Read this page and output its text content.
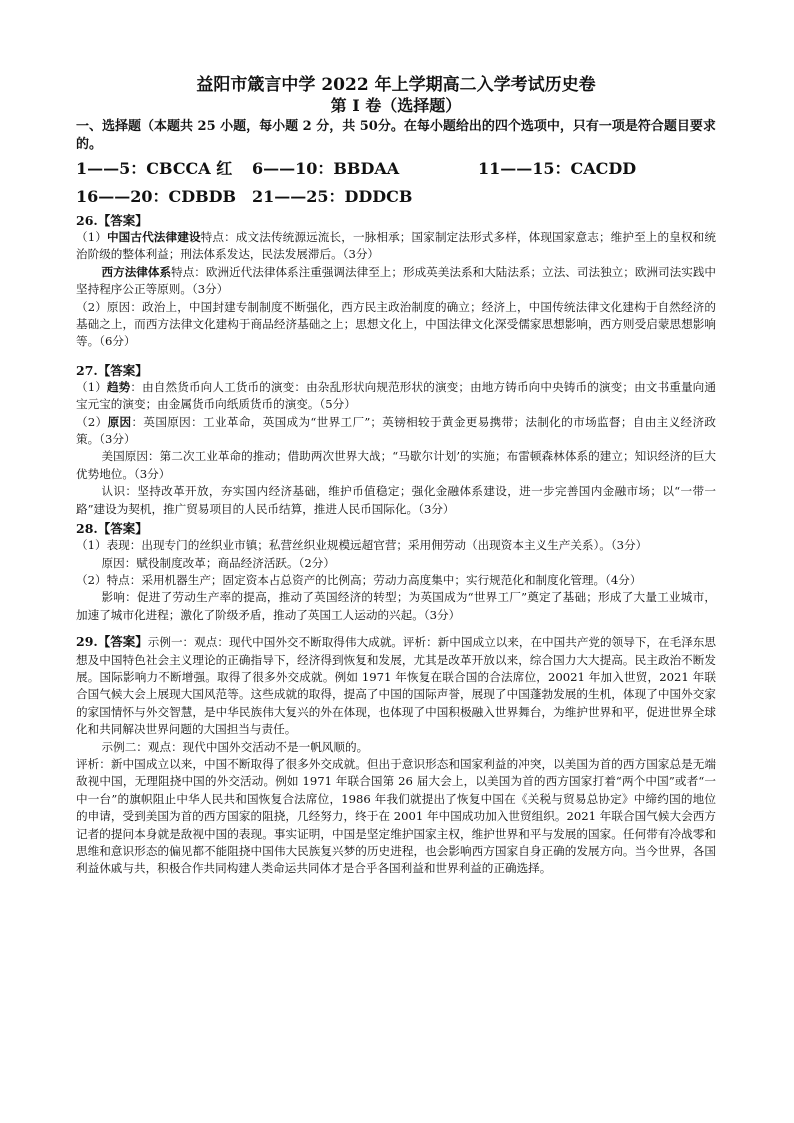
益阳市箴言中学 2022 年上学期高二入学考试历史卷

第 I 卷（选择题）

一、选择题（本题共 25 小题，每小题 2 分，共 50分。在每小题给出的四个选项中，只有一项是符合题目要求的。

1——5：CBCCA 红 6——10：BBDAA	11——15：CACDD
16——20：CDBDB 21——25：DDDCB

26.【答案】

（1）中国古代法律建设特点：成文法传统源远流长，一脉相承；国家制定法形式多样，体现国家意志；维护至上的皇权和统治阶级的整体利益；刑法体系发达，民法发展滞后。（3分）

西方法律体系特点：欧洲近代法律体系注重强调法律至上；形成英美法系和大陆法系；立法、司法独立；欧洲司法实践中坚持程序公正等原则。（3分）

（2）原因：政治上，中国封建专制制度不断强化，西方民主政治制度的确立；经济上，中国传统法律文化建构于自然经济的基础之上，而西方法律文化建构于商品经济基础之上；思想文化上，中国法律文化深受儒家思想影响，西方则受启蒙思想影响等。（6分）

27.【答案】

（1）趋势：由自然货币向人工货币的演变：由杂乱形状向规范形状的演变；由地方铸币向中央铸币的演变；由文书重量向通宝元宝的演变；由金属货币向纸质货币的演变。（5分）

（2）原因：英国原因：工业革命，英国成为“世界工厂”；英镑相较于黄金更易携带；法制化的市场监督；自由主义经济政策。（3分）

美国原因：第二次工业革命的推动；借助两次世界大战；“马歇尔计划’的实施；布雷顿森林体系的建立；知识经济的巨大优势地位。（3分）

认识：坚持改革开放，夯实国内经济基础，维护币值稳定；强化金融体系建设，进一步完善国内金融市场；以“一带一路”建设为契机，推广贸易项目的人民币结算，推进人民币国际化。（3分）

28.【答案】

（1）表现：出现专门的丝织业市镇；私营丝织业规模远超官营；采用佣劳动（出现资本主义生产关系）。（3分）

原因：赋役制度改革；商品经济活跃。（2分）

（2）特点：采用机器生产；固定资本占总资产的比例高；劳动力高度集中；实行规范化和制度化管理。（4分）

影响：促进了劳动生产率的提高，推动了英国经济的转型；为英国成为“世界工厂”奠定了基础；形成了大量工业城市，加速了城市化进程；激化了阶级矛盾，推动了英国工人运动的兴起。（3分）

29.【答案】示例一：观点：现代中国外交不断取得伟大成就。评析：新中国成立以来，在中国共产党的领导下，在毛泽东思想及中国特色社会主义理论的正确指导下，经济得到恢复和发展，尤其是改革开放以来，综合国力大大提高。民主政治不断发展。国际影响力不断增强。取得了很多外交成就。例如 1971 年恢复在联合国的合法席位，20021 年加入世贸，2021 年联合国气候大会上展现大国风范等。这些成就的取得，提高了中国的国际声誉，展现了中国蓬勃发展的生机，体现了中国外交家的家国情怀与外交智慧，是中华民族伟大复兴的外在体现，也体现了中国积极融入世界舞台，为维护世界和平，促进世界全球化和共同解决世界问题的大国担当与责任。

示例二：观点：现代中国外交活动不是一帆风顺的。

评析：新中国成立以来，中国不断取得了很多外交成就。但出于意识形态和国家利益的冲突，以美国为首的西方国家总是无端敌视中国，无理阻挠中国的外交活动。例如 1971 年联合国第 26 届大会上，以美国为首的西方国家打着“两个中国”或者“一中一台”的旗帜阻止中华人民共和国恢复合法席位，1986 年我们就提出了恢复中国在《关税与贸易总协定》中缔约国的地位的申请，受到美国为首的西方国家的阻挠，几经努力，终于在 2001 年中国成功加入世贸组织。2021 年联合国气候大会西方记者的提问本身就是敌视中国的表现。事实证明，中国是坚定维护国家主权，维护世界和平与发展的国家。任何带有冷战零和思维和意识形态的偏见都不能阻挠中国伟大民族复兴梦的历史进程，也会影响西方国家自身正确的发展方向。当今世界，各国利益休戚与共，积极合作共同构建人类命运共同体才是合乎各国利益和世界利益的正确选择。
